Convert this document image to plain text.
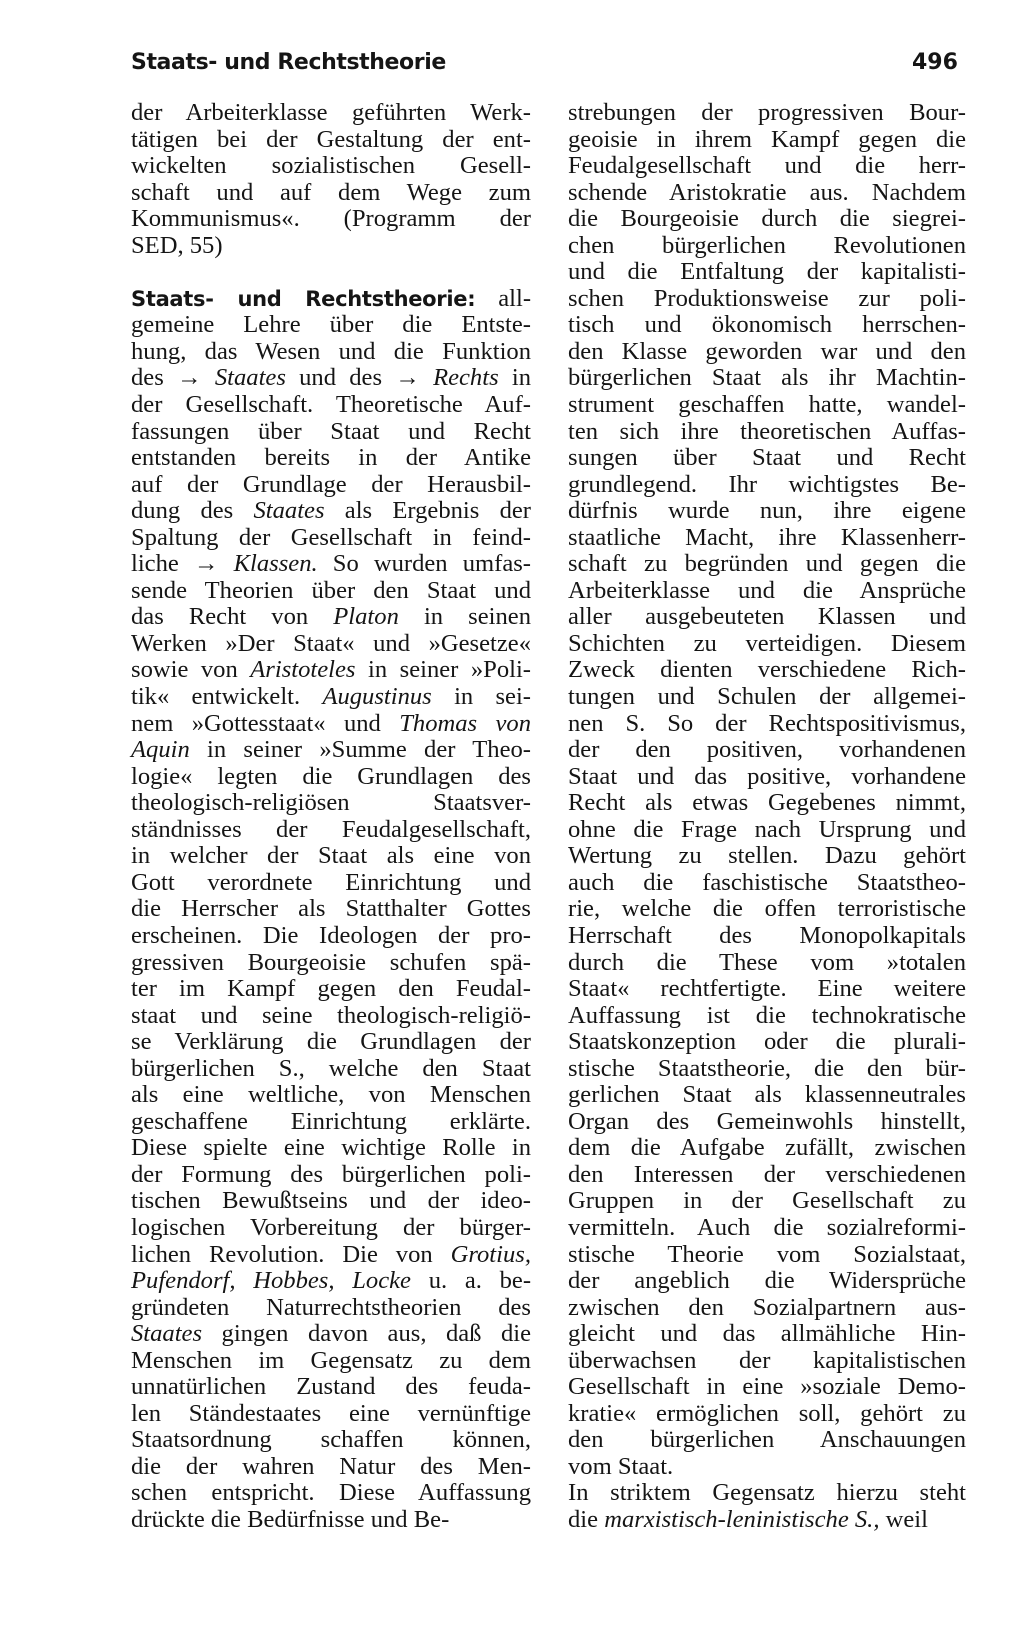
Staats- und Rechtstheorie	496
der Arbeiterklasse geführten Werk-
tätigen bei der Gestaltung der ent-
wickelten sozialistischen Gesell-
schaft und auf dem Wege zum
Kommunismus«. (Programm der
SED, 55)
Staats- und Rechtstheorie: all-
gemeine Lehre über die Entste-
hung, das Wesen und die Funktion
des → Staates und des → Rechts in
der Gesellschaft. Theoretische Auf-
fassungen über Staat und Recht
entstanden bereits in der Antike
auf der Grundlage der Herausbil-
dung des Staates als Ergebnis der
Spaltung der Gesellschaft in feind-
liche → Klassen. So wurden umfas-
sende Theorien über den Staat und
das Recht von Platon in seinen
Werken »Der Staat« und »Gesetze«
sowie von Aristoteles in seiner »Poli-
tik« entwickelt. Augustinus in sei-
nem »Gottesstaat« und Thomas von
Aquin in seiner »Summe der Theo-
logie« legten die Grundlagen des
theologisch-religiösen Staatsver-
ständnisses der Feudalgesellschaft,
in welcher der Staat als eine von
Gott verordnete Einrichtung und
die Herrscher als Statthalter Gottes
erscheinen. Die Ideologen der pro-
gressiven Bourgeoisie schufen spä-
ter im Kampf gegen den Feudal-
staat und seine theologisch-religiö-
se Verklärung die Grundlagen der
bürgerlichen S., welche den Staat
als eine weltliche, von Menschen
geschaffene Einrichtung erklärte.
Diese spielte eine wichtige Rolle in
der Formung des bürgerlichen poli-
tischen Bewußtseins und der ideo-
logischen Vorbereitung der bürger-
lichen Revolution. Die von Grotius,
Pufendorf, Hobbes, Locke u. a. be-
gründeten Naturrechtstheorien des
Staates gingen davon aus, daß die
Menschen im Gegensatz zu dem
unnatürlichen Zustand des feuda-
len Ständestaates eine vernünftige
Staatsordnung schaffen können,
die der wahren Natur des Men-
schen entspricht. Diese Auffassung
drückte die Bedürfnisse und Be-
strebungen der progressiven Bour-
geoisie in ihrem Kampf gegen die
Feudalgesellschaft und die herr-
schende Aristokratie aus. Nachdem
die Bourgeoisie durch die siegrei-
chen bürgerlichen Revolutionen
und die Entfaltung der kapitalisti-
schen Produktionsweise zur poli-
tisch und ökonomisch herrschen-
den Klasse geworden war und den
bürgerlichen Staat als ihr Machtin-
strument geschaffen hatte, wandel-
ten sich ihre theoretischen Auffas-
sungen über Staat und Recht
grundlegend. Ihr wichtigstes Be-
dürfnis wurde nun, ihre eigene
staatliche Macht, ihre Klassenherr-
schaft zu begründen und gegen die
Arbeiterklasse und die Ansprüche
aller ausgebeuteten Klassen und
Schichten zu verteidigen. Diesem
Zweck dienten verschiedene Rich-
tungen und Schulen der allgemei-
nen S. So der Rechtspositivismus,
der den positiven, vorhandenen
Staat und das positive, vorhandene
Recht als etwas Gegebenes nimmt,
ohne die Frage nach Ursprung und
Wertung zu stellen. Dazu gehört
auch die faschistische Staatstheo-
rie, welche die offen terroristische
Herrschaft des Monopolkapitals
durch die These vom »totalen
Staat« rechtfertigte. Eine weitere
Auffassung ist die technokratische
Staatskonzeption oder die plurali-
stische Staatstheorie, die den bür-
gerlichen Staat als klassenneutrales
Organ des Gemeinwohls hinstellt,
dem die Aufgabe zufällt, zwischen
den Interessen der verschiedenen
Gruppen in der Gesellschaft zu
vermitteln. Auch die sozialreformi-
stische Theorie vom Sozialstaat,
der angeblich die Widersprüche
zwischen den Sozialpartnern aus-
gleicht und das allmähliche Hin-
überwachsen der kapitalistischen
Gesellschaft in eine »soziale Demo-
kratie« ermöglichen soll, gehört zu
den bürgerlichen Anschauungen
vom Staat.
In striktem Gegensatz hierzu steht
die marxistisch-leninistische S., weil
